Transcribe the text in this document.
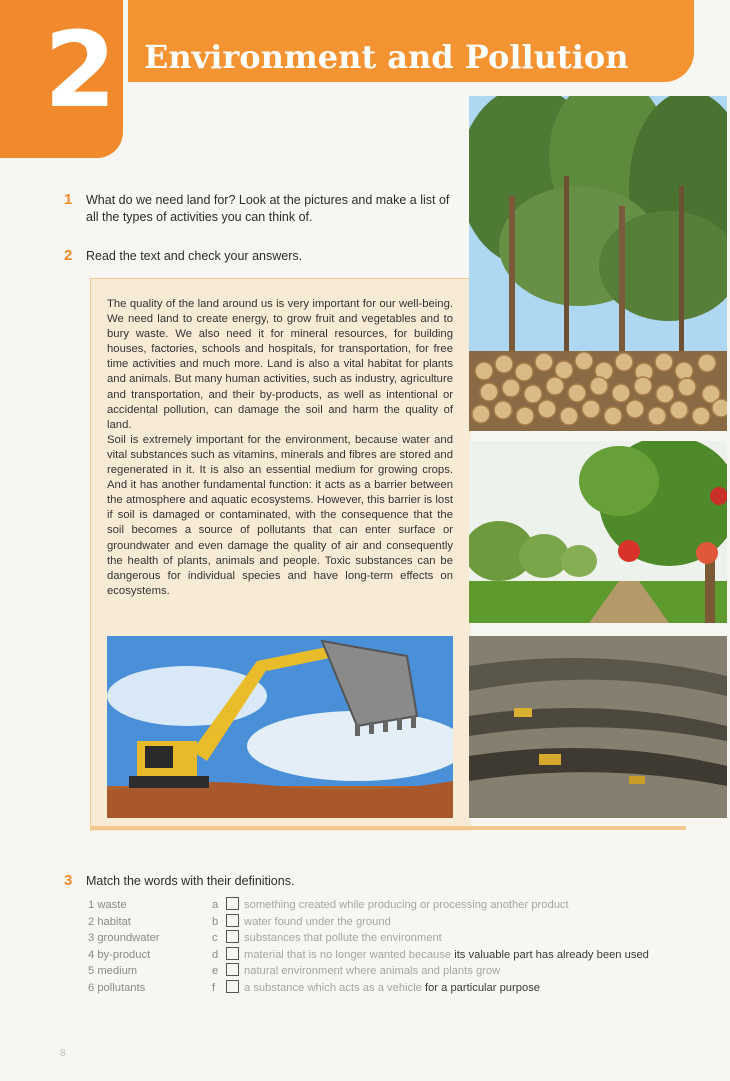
2 Environment and Pollution
1 What do we need land for? Look at the pictures and make a list of all the types of activities you can think of.
2 Read the text and check your answers.

The quality of the land around us is very important for our well-being. We need land to create energy, to grow fruit and vegetables and to bury waste. We also need it for mineral resources, for building houses, factories, schools and hospitals, for transportation, for free time activities and much more. Land is also a vital habitat for plants and animals. But many human activities, such as industry, agriculture and transportation, and their by-products, as well as intentional or accidental pollution, can damage the soil and harm the quality of land.

Soil is extremely important for the environment, because water and vital substances such as vitamins, minerals and fibres are stored and regenerated in it. It is also an essential medium for growing crops. And it has another fundamental function: it acts as a barrier between the atmosphere and aquatic ecosystems. However, this barrier is lost if soil is damaged or contaminated, with the consequence that the soil becomes a source of pollutants that can enter surface or groundwater and even damage the quality of air and consequently the health of plants, animals and people. Toxic substances can be dangerous for individual species and have long-term effects on ecosystems.

3 Match the words with their definitions.
1 waste
2 habitat
3 groundwater
4 by-product
5 medium
6 pollutants
a
b
c
d
e
f
something created while producing or processing another product
water found under the ground
substances that pollute the environment
material that is no longer wanted because its valuable part has already been used
natural environment where animals and plants grow
a substance which acts as a vehicle for a particular purpose
8
